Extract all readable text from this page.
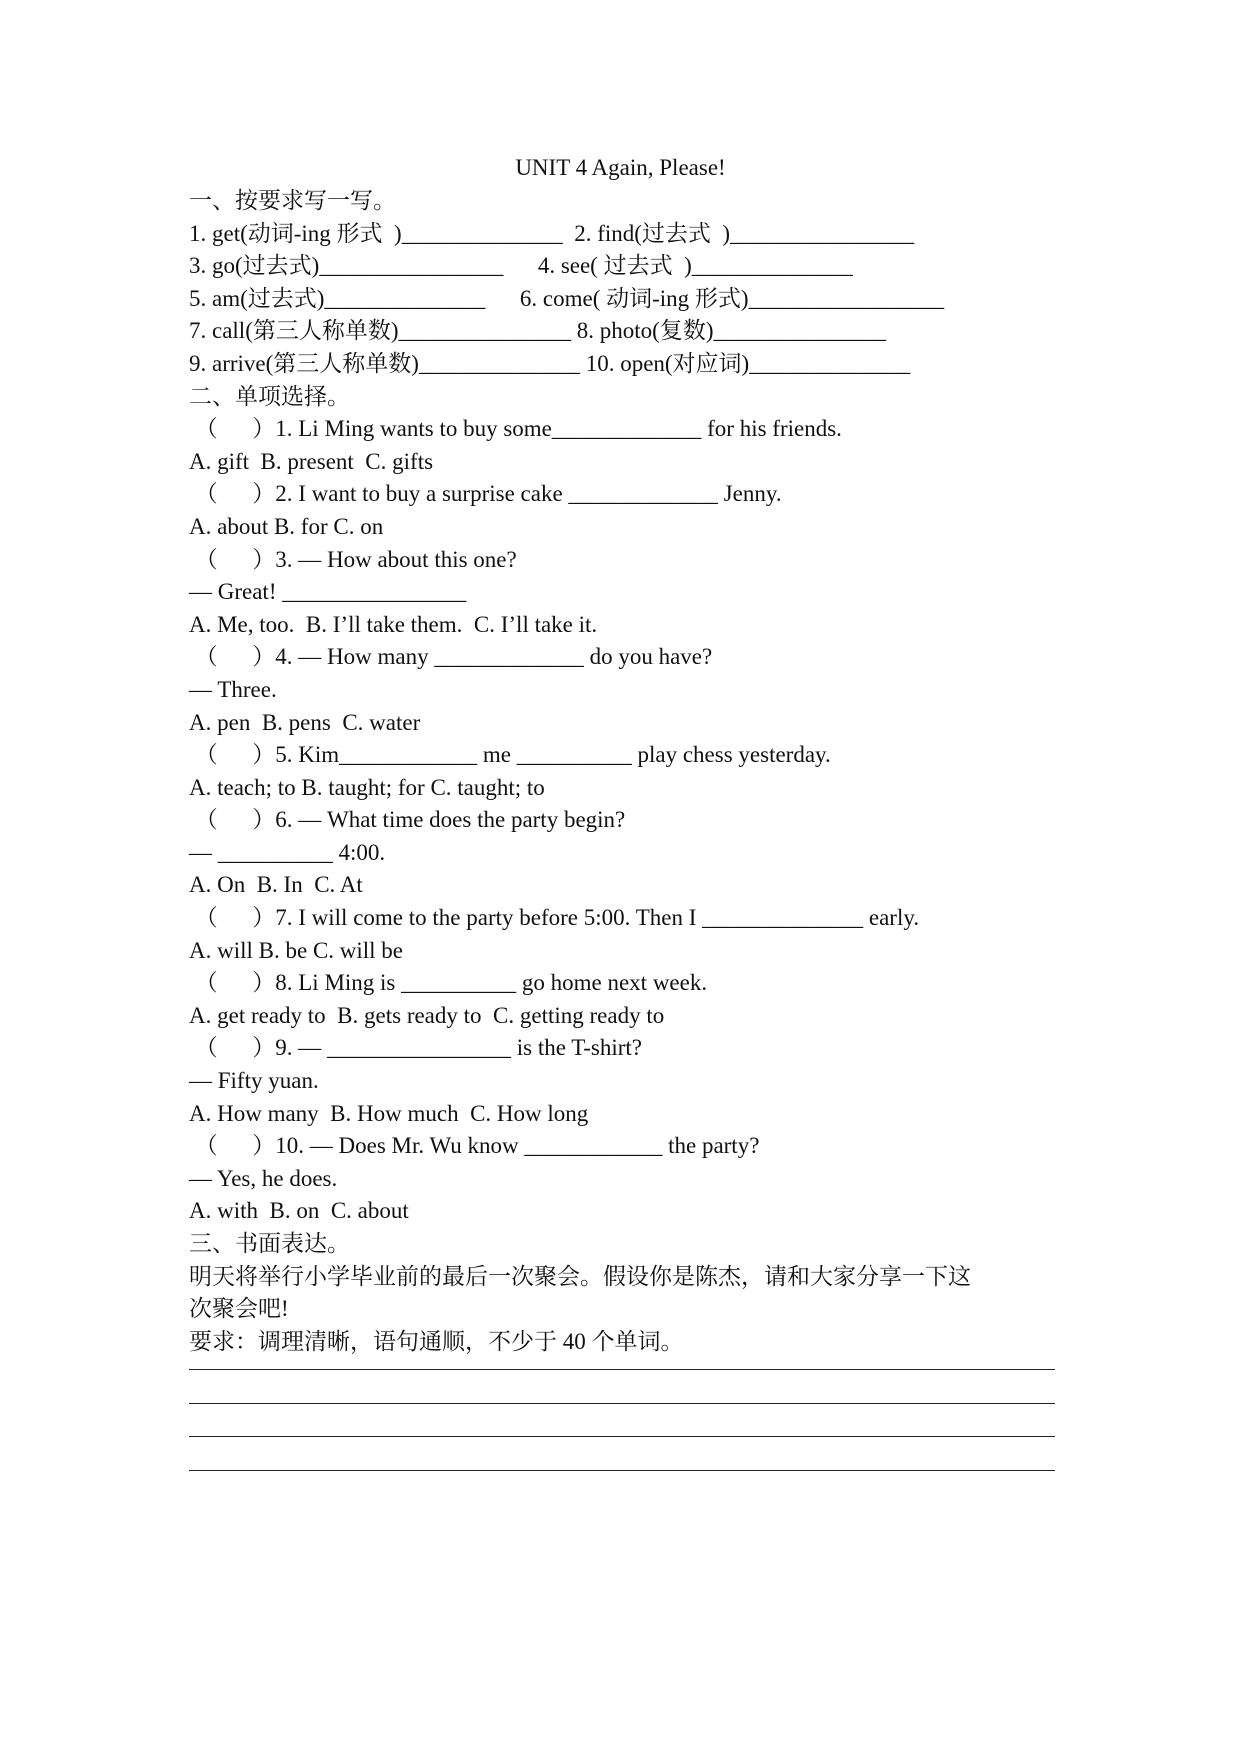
UNIT 4 Again, Please!
一、按要求写一写。
1. get(动词-ing 形式  )______________  2. find(过去式  )________________
3. go(过去式)________________      4. see( 过去式  )______________
5. am(过去式)______________      6. come( 动词-ing 形式)_________________
7. call(第三人称单数)_______________ 8. photo(复数)_______________
9. arrive(第三人称单数)______________ 10. open(对应词)______________
二、单项选择。
（      ）1. Li Ming wants to buy some_____________ for his friends.
A. gift  B. present  C. gifts
（      ）2. I want to buy a surprise cake _____________ Jenny.
A. about B. for C. on
（      ）3. — How about this one?
— Great! ________________
A. Me, too.  B. I’ll take them.  C. I’ll take it.
（      ）4. — How many _____________ do you have?
— Three.
A. pen  B. pens  C. water
（      ）5. Kim____________ me __________ play chess yesterday.
A. teach; to B. taught; for C. taught; to
（      ）6. — What time does the party begin?
— __________ 4:00.
A. On  B. In  C. At
（      ）7. I will come to the party before 5:00. Then I ______________ early.
A. will B. be C. will be
（      ）8. Li Ming is __________ go home next week.
A. get ready to  B. gets ready to  C. getting ready to
（      ）9. — ________________ is the T-shirt?
— Fifty yuan.
A. How many  B. How much  C. How long
（      ）10. — Does Mr. Wu know ____________ the party?
— Yes, he does.
A. with  B. on  C. about
三、书面表达。
明天将举行小学毕业前的最后一次聚会。假设你是陈杰，请和大家分享一下这
次聚会吧!
要求：调理清晰，语句通顺，不少于 40 个单词。
